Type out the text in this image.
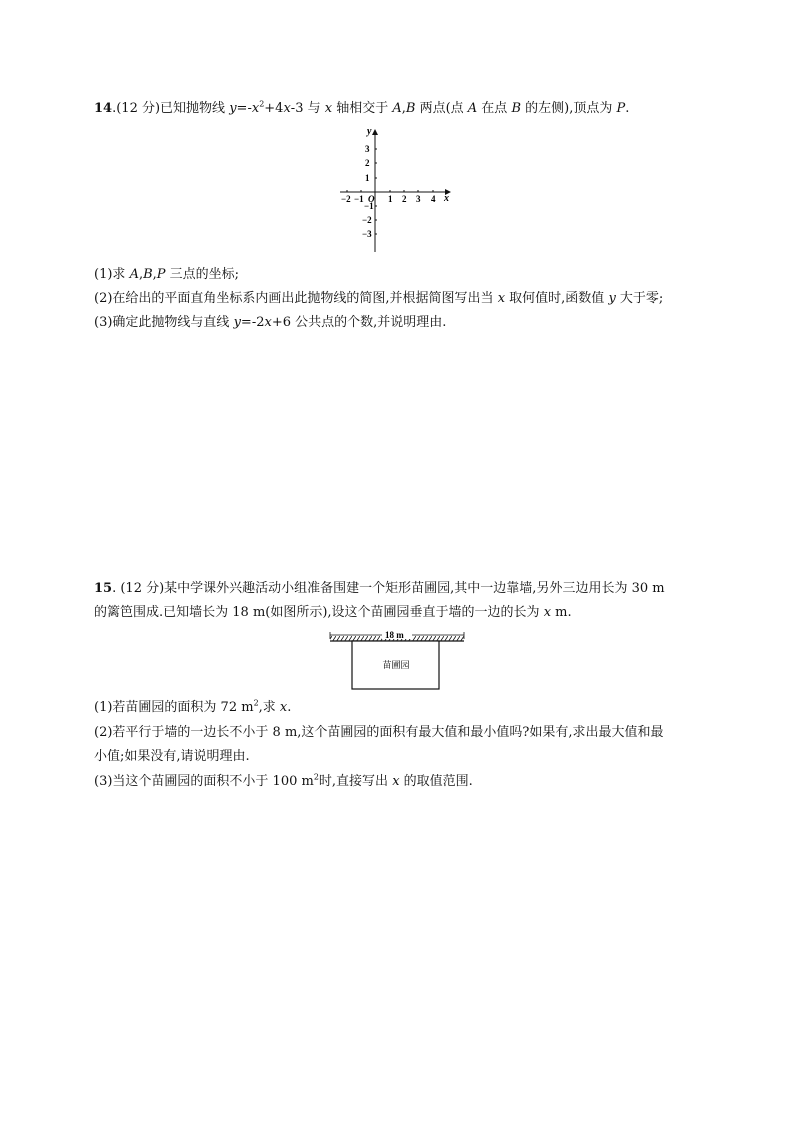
14.(12 分)已知抛物线 $y=-x^2+4x-3$ 与 x 轴相交于 A,B 两点(点 A 在点 B 的左侧),顶点为 P.
y
x
O
−2 −1	1 2 3 4
3
2
1
−1
−2
−3
(1)求 A,B,P 三点的坐标;
(2)在给出的平面直角坐标系内画出此抛物线的简图,并根据简图写出当 x 取何值时,函数值 y 大于零;
(3)确定此抛物线与直线 y=-2x+6 公共点的个数,并说明理由.
15. (12 分)某中学课外兴趣活动小组准备围建一个矩形苗圃园,其中一边靠墙,另外三边用长为 30 m
的篱笆围成.已知墙长为 18 m(如图所示),设这个苗圃园垂直于墙的一边的长为 x m.
18 m
苗圃园
(1)若苗圃园的面积为 72 $m^2$,求 x.
(2)若平行于墙的一边长不小于 8 m,这个苗圃园的面积有最大值和最小值吗?如果有,求出最大值和最
小值;如果没有,请说明理由.
(3)当这个苗圃园的面积不小于 100 $m^2$时,直接写出 x 的取值范围.
